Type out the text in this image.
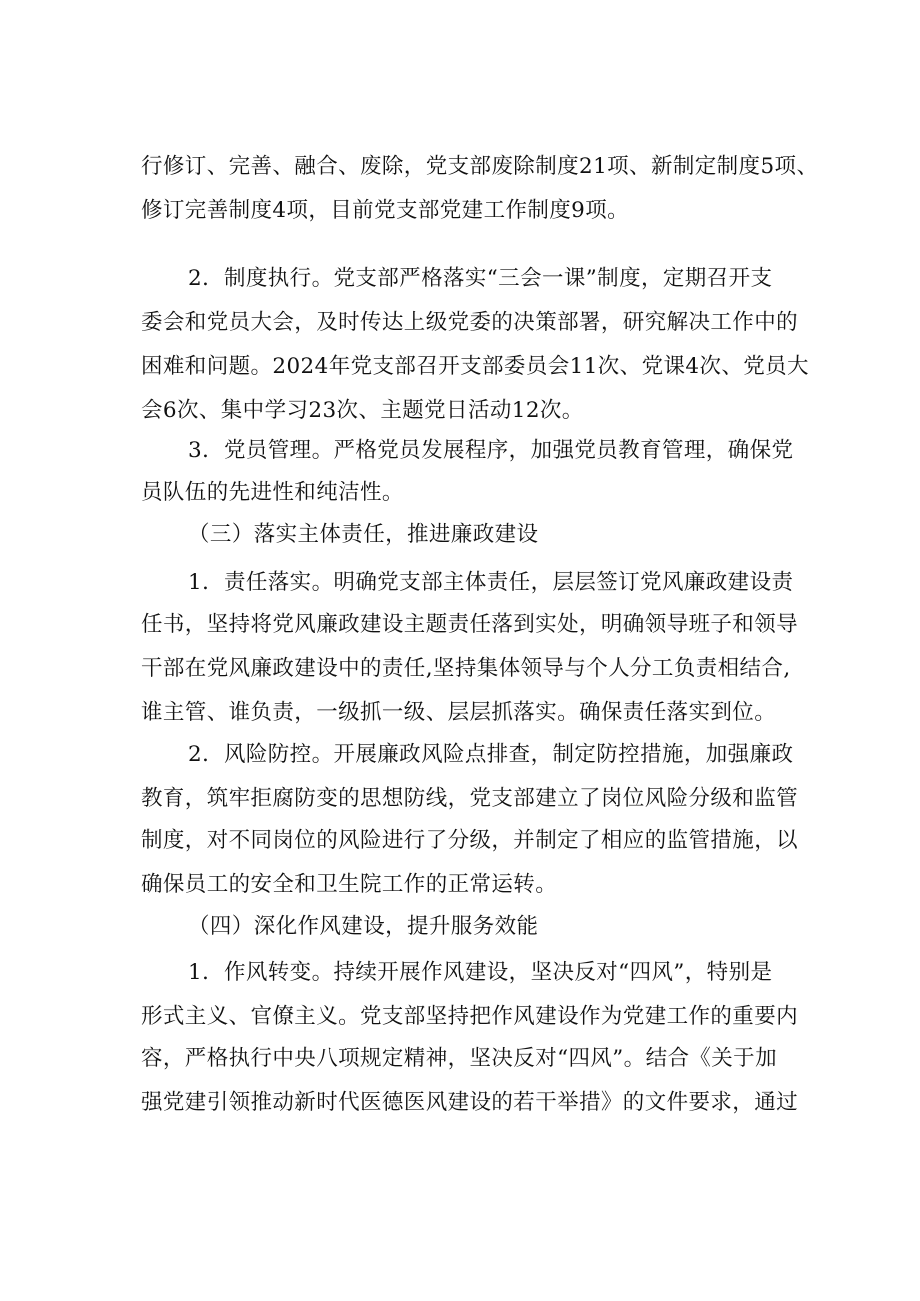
行修订、完善、融合、废除，党支部废除制度21项、新制定制度5项、
修订完善制度4项，目前党支部党建工作制度9项。
2．制度执行。党支部严格落实“三会一课”制度，定期召开支
委会和党员大会，及时传达上级党委的决策部署，研究解决工作中的
困难和问题。2024年党支部召开支部委员会11次、党课4次、党员大
会6次、集中学习23次、主题党日活动12次。
3．党员管理。严格党员发展程序，加强党员教育管理，确保党
员队伍的先进性和纯洁性。
（三）落实主体责任，推进廉政建设
1．责任落实。明确党支部主体责任，层层签订党风廉政建设责
任书，坚持将党风廉政建设主题责任落到实处，明确领导班子和领导
干部在党风廉政建设中的责任,坚持集体领导与个人分工负责相结合,
谁主管、谁负责，一级抓一级、层层抓落实。确保责任落实到位。
2．风险防控。开展廉政风险点排查，制定防控措施，加强廉政
教育，筑牢拒腐防变的思想防线，党支部建立了岗位风险分级和监管
制度，对不同岗位的风险进行了分级，并制定了相应的监管措施，以
确保员工的安全和卫生院工作的正常运转。
（四）深化作风建设，提升服务效能
1．作风转变。持续开展作风建设，坚决反对“四风”，特别是
形式主义、官僚主义。党支部坚持把作风建设作为党建工作的重要内
容，严格执行中央八项规定精神，坚决反对“四风”。结合《关于加
强党建引领推动新时代医德医风建设的若干举措》的文件要求，通过
